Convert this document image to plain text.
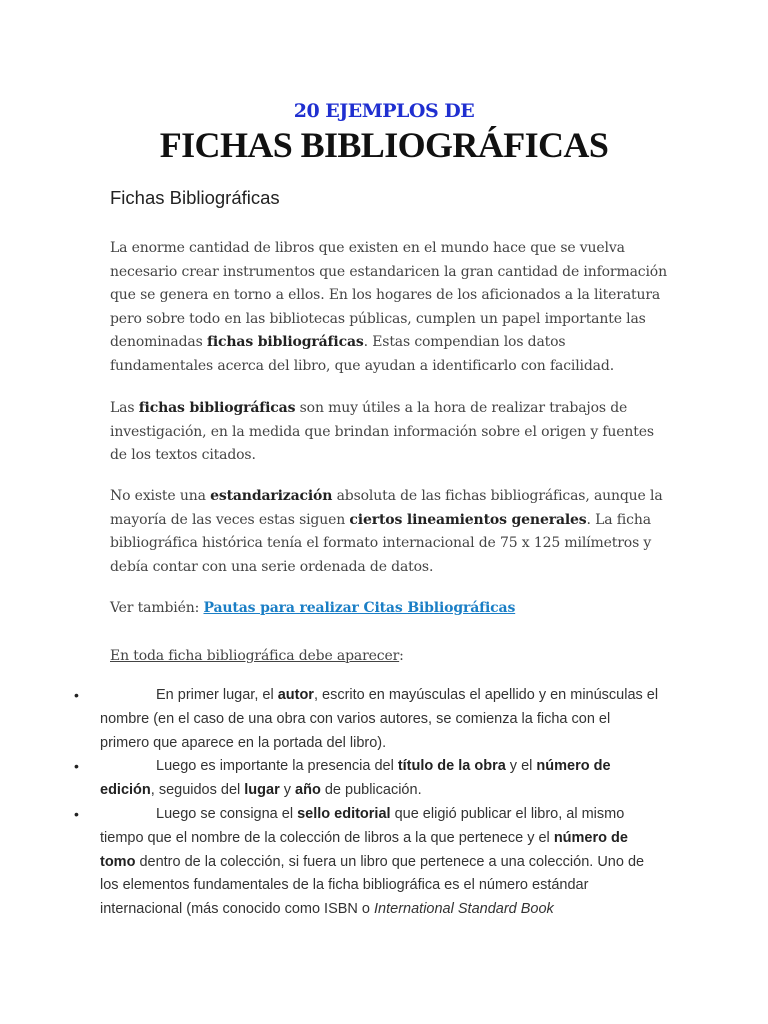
20 EJEMPLOS DE
FICHAS BIBLIOGRÁFICAS
Fichas Bibliográficas

La enorme cantidad de libros que existen en el mundo hace que se vuelva necesario crear instrumentos que estandaricen la gran cantidad de información que se genera en torno a ellos. En los hogares de los aficionados a la literatura pero sobre todo en las bibliotecas públicas, cumplen un papel importante las denominadas fichas bibliográficas. Estas compendian los datos fundamentales acerca del libro, que ayudan a identificarlo con facilidad.

Las fichas bibliográficas son muy útiles a la hora de realizar trabajos de investigación, en la medida que brindan información sobre el origen y fuentes de los textos citados.

No existe una estandarización absoluta de las fichas bibliográficas, aunque la mayoría de las veces estas siguen ciertos lineamientos generales. La ficha bibliográfica histórica tenía el formato internacional de 75 x 125 milímetros y debía contar con una serie ordenada de datos.

Ver también: Pautas para realizar Citas Bibliográficas

En toda ficha bibliográfica debe aparecer:

•	En primer lugar, el autor, escrito en mayúsculas el apellido y en minúsculas el nombre (en el caso de una obra con varios autores, se comienza la ficha con el primero que aparece en la portada del libro).
•	Luego es importante la presencia del título de la obra y el número de edición, seguidos del lugar y año de publicación.
•	Luego se consigna el sello editorial que eligió publicar el libro, al mismo tiempo que el nombre de la colección de libros a la que pertenece y el número de tomo dentro de la colección, si fuera un libro que pertenece a una colección. Uno de los elementos fundamentales de la ficha bibliográfica es el número estándar internacional (más conocido como ISBN o International Standard Book
